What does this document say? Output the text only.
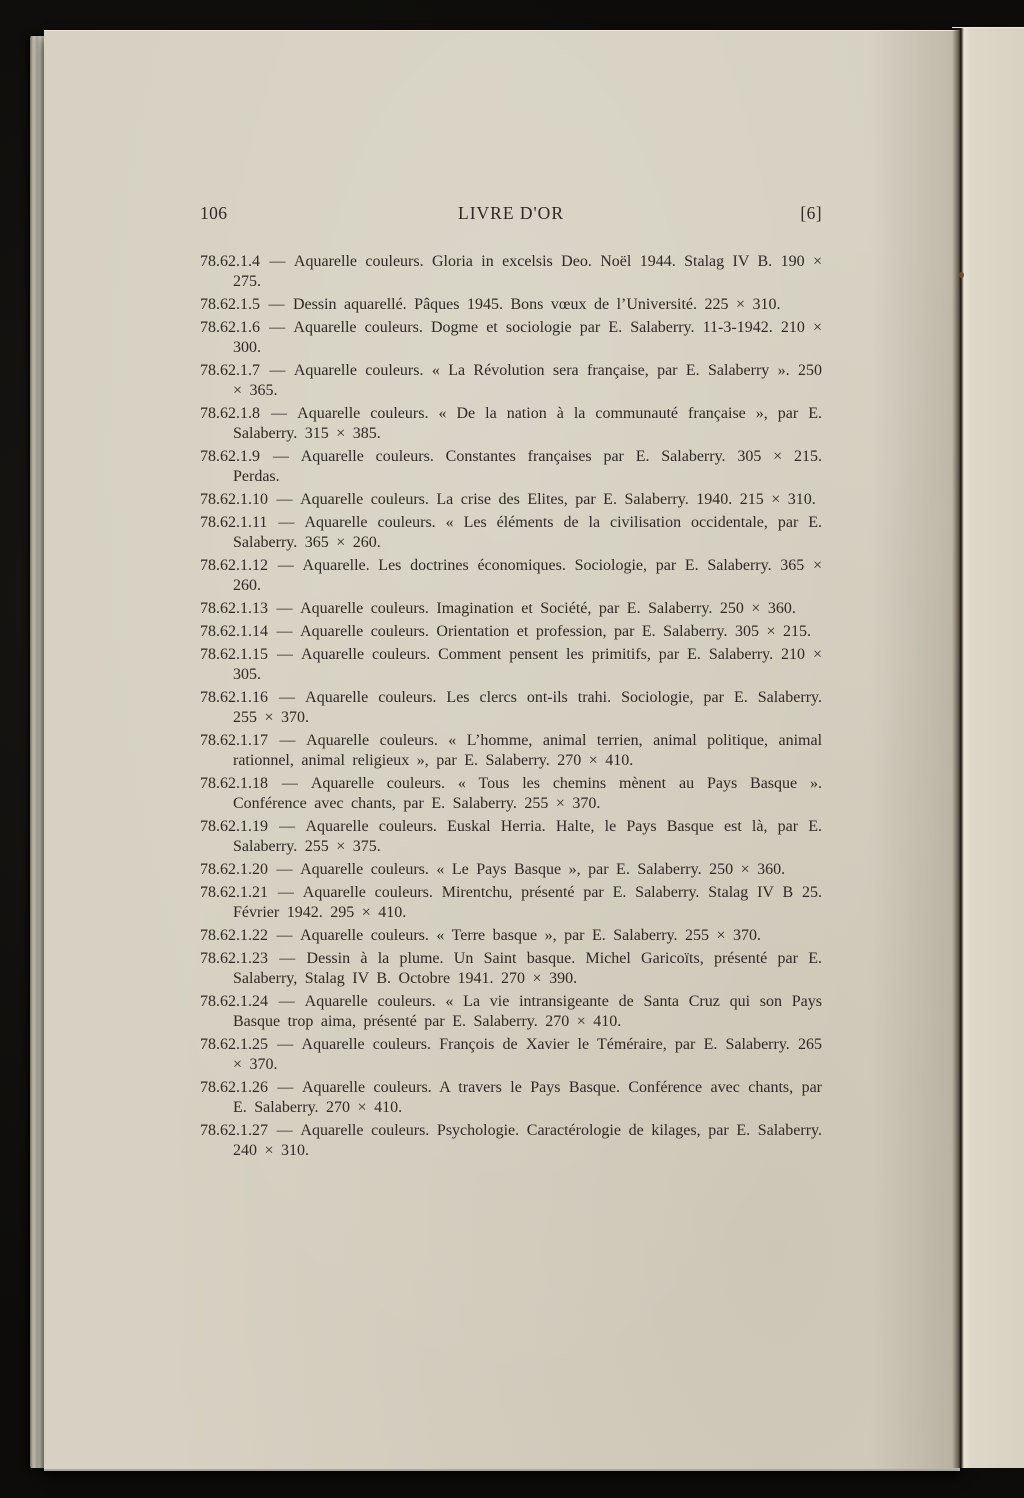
106	LIVRE D'OR	[6]

78.62.1.4 — Aquarelle couleurs. Gloria in excelsis Deo. Noël 1944. Stalag IV B. 190 × 275.

78.62.1.5 — Dessin aquarellé. Pâques 1945. Bons vœux de l’Université. 225 × 310.

78.62.1.6 — Aquarelle couleurs. Dogme et sociologie par E. Salaberry. 11-3-1942. 210 × 300.

78.62.1.7 — Aquarelle couleurs. « La Révolution sera française, par E. Salaberry ». 250 × 365.

78.62.1.8 — Aquarelle couleurs. « De la nation à la communauté française », par E. Salaberry. 315 × 385.

78.62.1.9 — Aquarelle couleurs. Constantes françaises par E. Salaberry. 305 × 215. Perdas.

78.62.1.10 — Aquarelle couleurs. La crise des Elites, par E. Salaberry. 1940. 215 × 310.

78.62.1.11 — Aquarelle couleurs. « Les éléments de la civilisation occidentale, par E. Salaberry. 365 × 260.

78.62.1.12 — Aquarelle. Les doctrines économiques. Sociologie, par E. Salaberry. 365 × 260.

78.62.1.13 — Aquarelle couleurs. Imagination et Société, par E. Salaberry. 250 × 360.

78.62.1.14 — Aquarelle couleurs. Orientation et profession, par E. Salaberry. 305 × 215.

78.62.1.15 — Aquarelle couleurs. Comment pensent les primitifs, par E. Salaberry. 210 × 305.

78.62.1.16 — Aquarelle couleurs. Les clercs ont-ils trahi. Sociologie, par E. Salaberry. 255 × 370.

78.62.1.17 — Aquarelle couleurs. « L’homme, animal terrien, animal politique, animal rationnel, animal religieux », par E. Salaberry. 270 × 410.

78.62.1.18 — Aquarelle couleurs. « Tous les chemins mènent au Pays Basque ». Conférence avec chants, par E. Salaberry. 255 × 370.

78.62.1.19 — Aquarelle couleurs. Euskal Herria. Halte, le Pays Basque est là, par E. Salaberry. 255 × 375.

78.62.1.20 — Aquarelle couleurs. « Le Pays Basque », par E. Salaberry. 250 × 360.

78.62.1.21 — Aquarelle couleurs. Mirentchu, présenté par E. Salaberry. Stalag IV B 25. Février 1942. 295 × 410.

78.62.1.22 — Aquarelle couleurs. « Terre basque », par E. Salaberry. 255 × 370.

78.62.1.23 — Dessin à la plume. Un Saint basque. Michel Garicoïts, présenté par E. Salaberry, Stalag IV B. Octobre 1941. 270 × 390.

78.62.1.24 — Aquarelle couleurs. « La vie intransigeante de Santa Cruz qui son Pays Basque trop aima, présenté par E. Salaberry. 270 × 410.

78.62.1.25 — Aquarelle couleurs. François de Xavier le Téméraire, par E. Salaberry. 265 × 370.

78.62.1.26 — Aquarelle couleurs. A travers le Pays Basque. Conférence avec chants, par E. Salaberry. 270 × 410.

78.62.1.27 — Aquarelle couleurs. Psychologie. Caractérologie de kilages, par E. Salaberry. 240 × 310.
